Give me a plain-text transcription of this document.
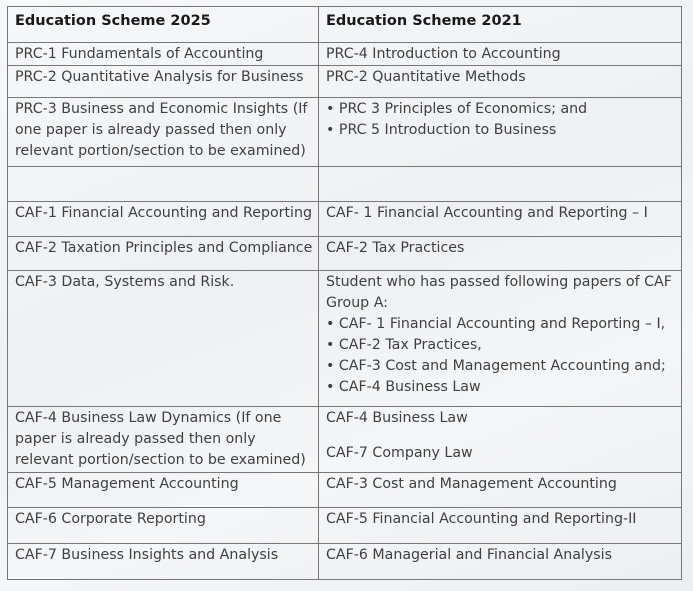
Education Scheme 2025	Education Scheme 2021
PRC-1 Fundamentals of Accounting	PRC-4 Introduction to Accounting
PRC-2 Quantitative Analysis for Business	PRC-2 Quantitative Methods
PRC-3 Business and Economic Insights (If one paper is already passed then only relevant portion/section to be examined)	• PRC 3 Principles of Economics; and
• PRC 5 Introduction to Business

CAF-1 Financial Accounting and Reporting	CAF- 1 Financial Accounting and Reporting – I
CAF-2 Taxation Principles and Compliance	CAF-2 Tax Practices
CAF-3 Data, Systems and Risk.	Student who has passed following papers of CAF Group A:
• CAF- 1 Financial Accounting and Reporting – I,
• CAF-2 Tax Practices,
• CAF-3 Cost and Management Accounting and;
• CAF-4 Business Law

CAF-4 Business Law Dynamics (If one paper is already passed then only relevant portion/section to be examined)	CAF-4 Business Law
CAF-7 Company Law

CAF-5 Management Accounting	CAF-3 Cost and Management Accounting
CAF-6 Corporate Reporting	CAF-5 Financial Accounting and Reporting-II
CAF-7 Business Insights and Analysis	CAF-6 Managerial and Financial Analysis
